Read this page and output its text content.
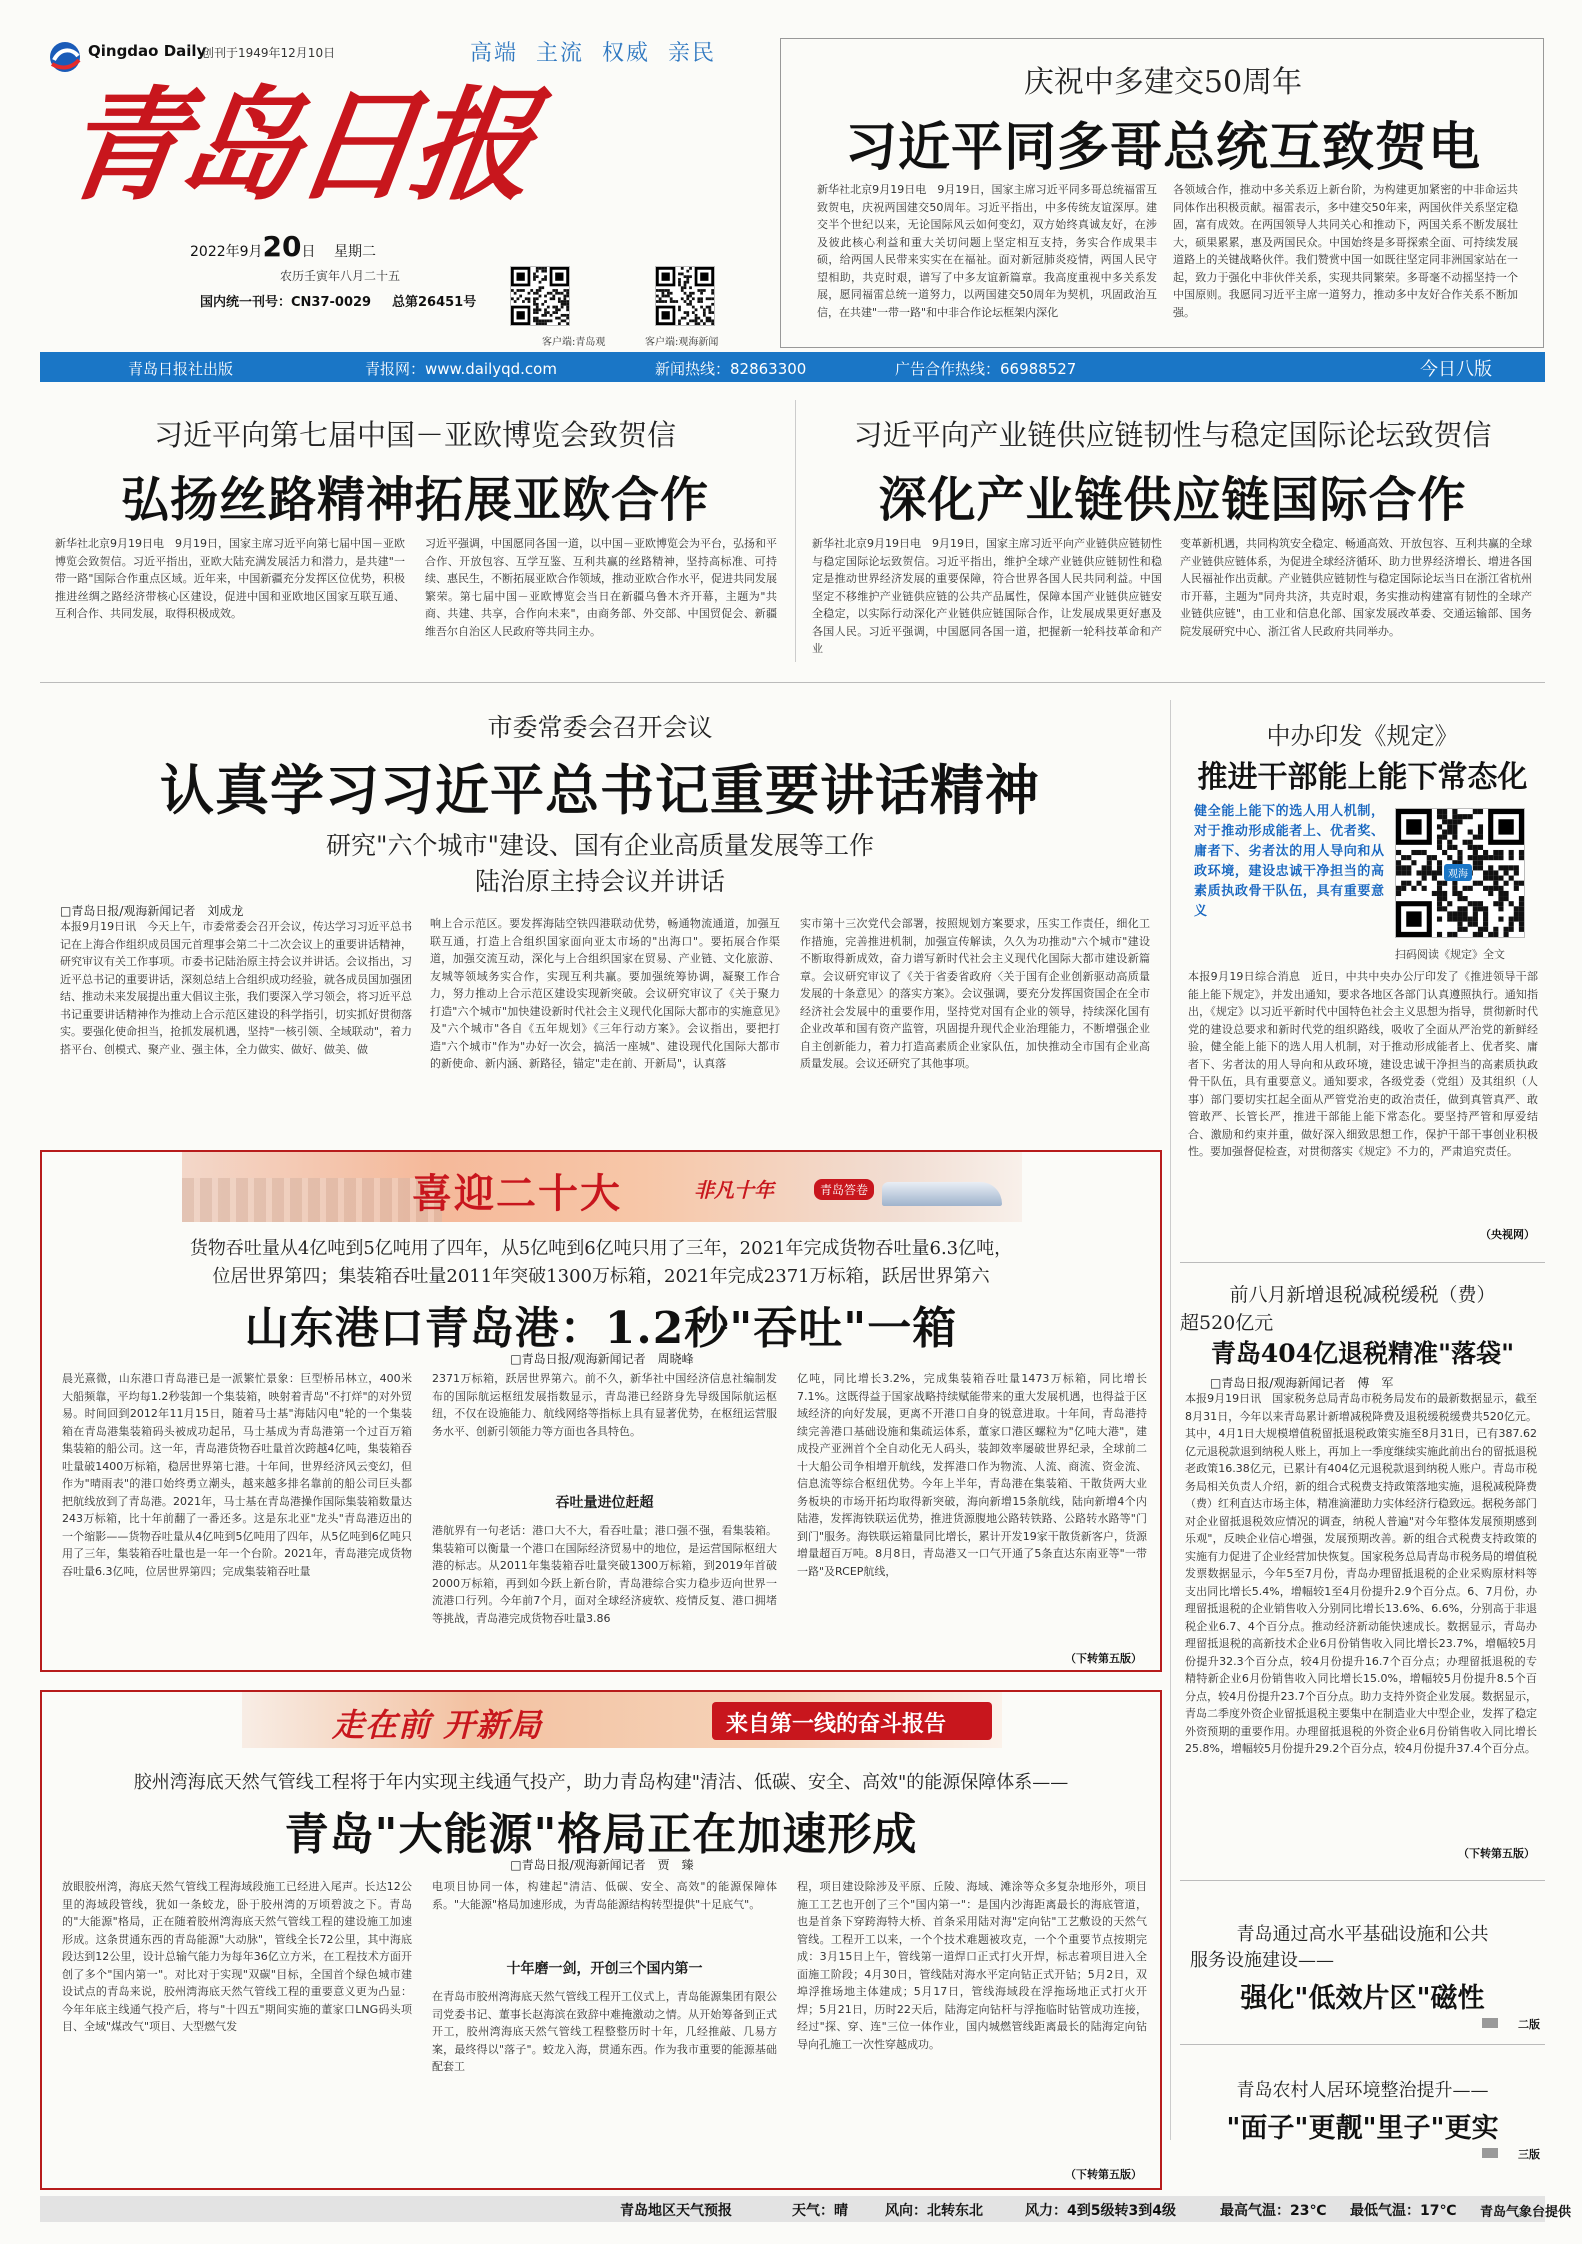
Qingdao Daily
创刊于1949年12月10日	高端  主流  权威  亲民
青岛日报
2022年9月20日 星期二
农历壬寅年八月二十五
国内统一刊号：CN37-0029 总第26451号
客户端:青岛观	客户端:观海新闻
庆祝中多建交50周年
习近平同多哥总统互致贺电
新华社北京9月19日电　9月19日，国家主席习近平同多哥总统福雷互致贺电，庆祝两国建交50周年。习近平指出，中多传统友谊深厚。建交半个世纪以来，无论国际风云如何变幻，双方始终真诚友好，在涉及彼此核心利益和重大关切问题上坚定相互支持，务实合作成果丰硕，给两国人民带来实实在在福祉。面对新冠肺炎疫情，两国人民守望相助，共克时艰，谱写了中多友谊新篇章。我高度重视中多关系发展，愿同福雷总统一道努力，以两国建交50周年为契机，巩固政治互信，在共建"一带一路"和中非合作论坛框架内深化
各领域合作，推动中多关系迈上新台阶，为构建更加紧密的中非命运共同体作出积极贡献。福雷表示，多中建交50年来，两国伙伴关系坚定稳固，富有成效。在两国领导人共同关心和推动下，两国关系不断发展壮大，硕果累累，惠及两国民众。中国始终是多哥探索全面、可持续发展道路上的关键战略伙伴。我们赞赏中国一如既往坚定同非洲国家站在一起，致力于强化中非伙伴关系，实现共同繁荣。多哥毫不动摇坚持一个中国原则。我愿同习近平主席一道努力，推动多中友好合作关系不断加强。
青岛日报社出版	青报网：www.dailyqd.com	新闻热线：82863300	广告合作热线：66988527	今日八版
习近平向第七届中国－亚欧博览会致贺信
弘扬丝路精神拓展亚欧合作
新华社北京9月19日电　9月19日，国家主席习近平向第七届中国－亚欧博览会致贺信。习近平指出，亚欧大陆充满发展活力和潜力，是共建"一带一路"国际合作重点区域。近年来，中国新疆充分发挥区位优势，积极推进丝绸之路经济带核心区建设，促进中国和亚欧地区国家互联互通、互利合作、共同发展，取得积极成效。
习近平强调，中国愿同各国一道，以中国－亚欧博览会为平台，弘扬和平合作、开放包容、互学互鉴、互利共赢的丝路精神，坚持高标准、可持续、惠民生，不断拓展亚欧合作领域，推动亚欧合作水平，促进共同发展繁荣。第七届中国－亚欧博览会当日在新疆乌鲁木齐开幕，主题为"共商、共建、共享，合作向未来"，由商务部、外交部、中国贸促会、新疆维吾尔自治区人民政府等共同主办。
习近平向产业链供应链韧性与稳定国际论坛致贺信
深化产业链供应链国际合作
新华社北京9月19日电　9月19日，国家主席习近平向产业链供应链韧性与稳定国际论坛致贺信。习近平指出，维护全球产业链供应链韧性和稳定是推动世界经济发展的重要保障，符合世界各国人民共同利益。中国坚定不移维护产业链供应链的公共产品属性，保障本国产业链供应链安全稳定，以实际行动深化产业链供应链国际合作，让发展成果更好惠及各国人民。习近平强调，中国愿同各国一道，把握新一轮科技革命和产业
变革新机遇，共同构筑安全稳定、畅通高效、开放包容、互利共赢的全球产业链供应链体系，为促进全球经济循环、助力世界经济增长、增进各国人民福祉作出贡献。产业链供应链韧性与稳定国际论坛当日在浙江省杭州市开幕，主题为"同舟共济，共克时艰，务实推动构建富有韧性的全球产业链供应链"，由工业和信息化部、国家发展改革委、交通运输部、国务院发展研究中心、浙江省人民政府共同举办。
市委常委会召开会议
认真学习习近平总书记重要讲话精神
研究"六个城市"建设、国有企业高质量发展等工作
陆治原主持会议并讲话
□青岛日报/观海新闻记者　刘成龙
本报9月19日讯　今天上午，市委常委会召开会议，传达学习习近平总书记在上海合作组织成员国元首理事会第二十二次会议上的重要讲话精神，研究审议有关工作事项。市委书记陆治原主持会议并讲话。会议指出，习近平总书记的重要讲话，深刻总结上合组织成功经验，就各成员国加强团结、推动未来发展提出重大倡议主张，我们要深入学习领会，将习近平总书记重要讲话精神作为推动上合示范区建设的科学指引，切实抓好贯彻落实。要强化使命担当，抢抓发展机遇，坚持"一核引领、全域联动"，着力搭平台、创模式、聚产业、强主体，全力做实、做好、做美、做
响上合示范区。要发挥海陆空铁四港联动优势，畅通物流通道，加强互联互通，打造上合组织国家面向亚太市场的"出海口"。要拓展合作渠道，加强交流互动，深化与上合组织国家在贸易、产业链、文化旅游、友城等领域务实合作，实现互利共赢。要加强统筹协调，凝聚工作合力，努力推动上合示范区建设实现新突破。会议研究审议了《关于聚力打造"六个城市"加快建设新时代社会主义现代化国际大都市的实施意见》及"六个城市"各自《五年规划》《三年行动方案》。会议指出，要把打造"六个城市"作为"办好一次会，搞活一座城"、建设现代化国际大都市的新使命、新内涵、新路径，锚定"走在前、开新局"，认真落
实市第十三次党代会部署，按照规划方案要求，压实工作责任，细化工作措施，完善推进机制，加强宣传解读，久久为功推动"六个城市"建设不断取得新成效，奋力谱写新时代社会主义现代化国际大都市建设新篇章。会议研究审议了《关于省委省政府〈关于国有企业创新驱动高质量发展的十条意见〉的落实方案》。会议强调，要充分发挥国资国企在全市经济社会发展中的重要作用，坚持党对国有企业的领导，持续深化国有企业改革和国有资产监管，巩固提升现代企业治理能力，不断增强企业自主创新能力，着力打造高素质企业家队伍，加快推动全市国有企业高质量发展。会议还研究了其他事项。
中办印发《规定》
推进干部能上能下常态化
健全能上能下的选人用人机制，对于推动形成能者上、优者奖、庸者下、劣者汰的用人导向和从政环境，建设忠诚干净担当的高素质执政骨干队伍，具有重要意义
观海
扫码阅读《规定》全文
本报9月19日综合消息　近日，中共中央办公厅印发了《推进领导干部能上能下规定》，并发出通知，要求各地区各部门认真遵照执行。通知指出，《规定》以习近平新时代中国特色社会主义思想为指导，贯彻新时代党的建设总要求和新时代党的组织路线，吸收了全面从严治党的新鲜经验，健全能上能下的选人用人机制，对于推动形成能者上、优者奖、庸者下、劣者汰的用人导向和从政环境，建设忠诚干净担当的高素质执政骨干队伍，具有重要意义。通知要求，各级党委（党组）及其组织（人事）部门要切实扛起全面从严管党治吏的政治责任，做到真管真严、敢管敢严、长管长严，推进干部能上能下常态化。要坚持严管和厚爱结合、激励和约束并重，做好深入细致思想工作，保护干部干事创业积极性。要加强督促检查，对贯彻落实《规定》不力的，严肃追究责任。
（央视网）
喜迎二十大	非凡十年	青岛答卷
货物吞吐量从4亿吨到5亿吨用了四年，从5亿吨到6亿吨只用了三年，2021年完成货物吞吐量6.3亿吨，
位居世界第四；集装箱吞吐量2011年突破1300万标箱，2021年完成2371万标箱，跃居世界第六
山东港口青岛港：1.2秒"吞吐"一箱
□青岛日报/观海新闻记者　周晓峰
晨光熹微，山东港口青岛港已是一派繁忙景象：巨型桥吊林立，400米大船频靠，平均每1.2秒装卸一个集装箱，映射着青岛"不打烊"的对外贸易。时间回到2012年11月15日，随着马士基"海陆闪电"轮的一个集装箱在青岛港集装箱码头被成功起吊，马士基成为青岛港第一个过百万箱集装箱的船公司。这一年，青岛港货物吞吐量首次跨越4亿吨，集装箱吞吐量破1400万标箱，稳居世界第七港。十年间，世界经济风云变幻，但作为"晴雨表"的港口始终勇立潮头，越来越多排名靠前的船公司巨头都把航线放到了青岛港。2021年，马士基在青岛港操作国际集装箱数量达243万标箱，比十年前翻了一番还多。这是东北亚"龙头"青岛港迈出的一个缩影——货物吞吐量从4亿吨到5亿吨用了四年，从5亿吨到6亿吨只用了三年，集装箱吞吐量也是一年一个台阶。2021年，青岛港完成货物吞吐量6.3亿吨，位居世界第四；完成集装箱吞吐量
2371万标箱，跃居世界第六。前不久，新华社中国经济信息社编制发布的国际航运枢纽发展指数显示，青岛港已经跻身先导级国际航运枢纽，不仅在设施能力、航线网络等指标上具有显著优势，在枢纽运营服务水平、创新引领能力等方面也各具特色。
吞吐量进位赶超
港航界有一句老话：港口大不大，看吞吐量；港口强不强，看集装箱。集装箱可以衡量一个港口在国际经济贸易中的地位，是运营国际枢纽大港的标志。从2011年集装箱吞吐量突破1300万标箱，到2019年首破2000万标箱，再到如今跃上新台阶，青岛港综合实力稳步迈向世界一流港口行列。今年前7个月，面对全球经济疲软、疫情反复、港口拥堵等挑战，青岛港完成货物吞吐量3.86
亿吨，同比增长3.2%，完成集装箱吞吐量1473万标箱，同比增长7.1%。这既得益于国家战略持续赋能带来的重大发展机遇，也得益于区域经济的向好发展，更离不开港口自身的锐意进取。十年间，青岛港持续完善港口基础设施和集疏运体系，董家口港区螺粒为"亿吨大港"，建成投产亚洲首个全自动化无人码头，装卸效率屡破世界纪录，全球前二十大船公司争相增开航线，发挥港口作为物流、人流、商流、资金流、信息流等综合枢纽优势。今年上半年，青岛港在集装箱、干散货两大业务板块的市场开拓均取得新突破，海向新增15条航线，陆向新增4个内陆港，发挥海铁联运优势，推进货源腹地公路转铁路、公路转水路等"门到门"服务。海铁联运箱量同比增长，累计开发19家干散货新客户，货源增量超百万吨。8月8日，青岛港又一口气开通了5条直达东南亚等"一带一路"及RCEP航线，
（下转第五版）
前八月新增退税减税缓税（费）
超520亿元
青岛404亿退税精准"落袋"
□青岛日报/观海新闻记者　傅　军
本报9月19日讯　国家税务总局青岛市税务局发布的最新数据显示，截至8月31日，今年以来青岛累计新增减税降费及退税缓税缓费共520亿元。其中，4月1日大规模增值税留抵退税政策实施至8月31日，已有387.62亿元退税款退到纳税人账上，再加上一季度继续实施此前出台的留抵退税老政策16.38亿元，已累计有404亿元退税款退到纳税人账户。青岛市税务局相关负责人介绍，新的组合式税费支持政策落地实施，退税减税降费（费）红利直达市场主体，精准滴灌助力实体经济行稳致远。据税务部门对企业留抵退税效应情况的调查，纳税人普遍"对今年整体发展预期感到乐观"，反映企业信心增强，发展预期改善。新的组合式税费支持政策的实施有力促进了企业经营加快恢复。国家税务总局青岛市税务局的增值税发票数据显示，今年5至7月份，青岛办理留抵退税的企业采购原材料等支出同比增长5.4%，增幅较1至4月份提升2.9个百分点。6、7月份，办理留抵退税的企业销售收入分别同比增长13.6%、6.6%，分别高于非退税企业6.7、4个百分点。推动经济新动能快速成长。数据显示，青岛办理留抵退税的高新技术企业6月份销售收入同比增长23.7%，增幅较5月份提升32.3个百分点，较4月份提升16.7个百分点；办理留抵退税的专精特新企业6月份销售收入同比增长15.0%，增幅较5月份提升8.5个百分点，较4月份提升23.7个百分点。助力支持外资企业发展。数据显示，青岛二季度外资企业留抵退税主要集中在制造业大中型企业，发挥了稳定外资预期的重要作用。办理留抵退税的外资企业6月份销售收入同比增长25.8%，增幅较5月份提升29.2个百分点，较4月份提升37.4个百分点。
（下转第五版）
走在前 开新局	来自第一线的奋斗报告
胶州湾海底天然气管线工程将于年内实现主线通气投产，助力青岛构建"清洁、低碳、安全、高效"的能源保障体系——
青岛"大能源"格局正在加速形成
□青岛日报/观海新闻记者　贾　臻
放眼胶州湾，海底天然气管线工程海域段施工已经进入尾声。长达12公里的海域段管线，犹如一条蛟龙，卧于胶州湾的万顷碧波之下。青岛的"大能源"格局，正在随着胶州湾海底天然气管线工程的建设施工加速形成。这条贯通东西的青岛能源"大动脉"，管线全长72公里，其中海底段达到12公里，设计总输气能力为每年36亿立方米，在工程技术方面开创了多个"国内第一"。对比对于实现"双碳"目标，全国首个绿色城市建设试点的青岛来说，胶州湾海底天然气管线工程的重要意义更为凸显：今年年底主线通气投产后，将与"十四五"期间实施的董家口LNG码头项目、全域"煤改气"项目、大型燃气发
电项目协同一体，构建起"清洁、低碳、安全、高效"的能源保障体系。"大能源"格局加速形成，为青岛能源结构转型提供"十足底气"。
十年磨一剑，开创三个国内第一
在青岛市胶州湾海底天然气管线工程开工仪式上，青岛能源集团有限公司党委书记、董事长赵海滨在致辞中难掩激动之情。从开始筹备到正式开工，胶州湾海底天然气管线工程整整历时十年，几经推敲、几易方案，最终得以"落子"。蛟龙入海，贯通东西。作为我市重要的能源基础配套工
程，项目建设除涉及平原、丘陵、海域、滩涂等众多复杂地形外，项目施工工艺也开创了三个"国内第一"：是国内沙海距离最长的海底管道，也是首条下穿跨海特大桥、首条采用陆对海"定向钻"工艺敷设的天然气管线。工程开工以来，一个个技术难题被攻克，一个个重要节点按期完成：3月15日上午，管线第一道焊口正式打火开焊，标志着项目进入全面施工阶段；4月30日，管线陆对海水平定向钻正式开钻；5月2日，双埠浮推场地主体建成；5月17日，管线海域段在浮拖场地正式打火开焊；5月21日，历时22天后，陆海定向钻杆与浮拖临时钻管成功连接，经过"探、穿、连"三位一体作业，国内城燃管线距离最长的陆海定向钻导向孔施工一次性穿越成功。
（下转第五版）
青岛通过高水平基础设施和公共
服务设施建设——
强化"低效片区"磁性
二版
青岛农村人居环境整治提升——
"面子"更靓"里子"更实
三版
青岛地区天气预报	天气：晴	风向：北转东北	风力：4到5级转3到4级	最高气温：23℃ 最低气温：17℃ 青岛气象台提供
